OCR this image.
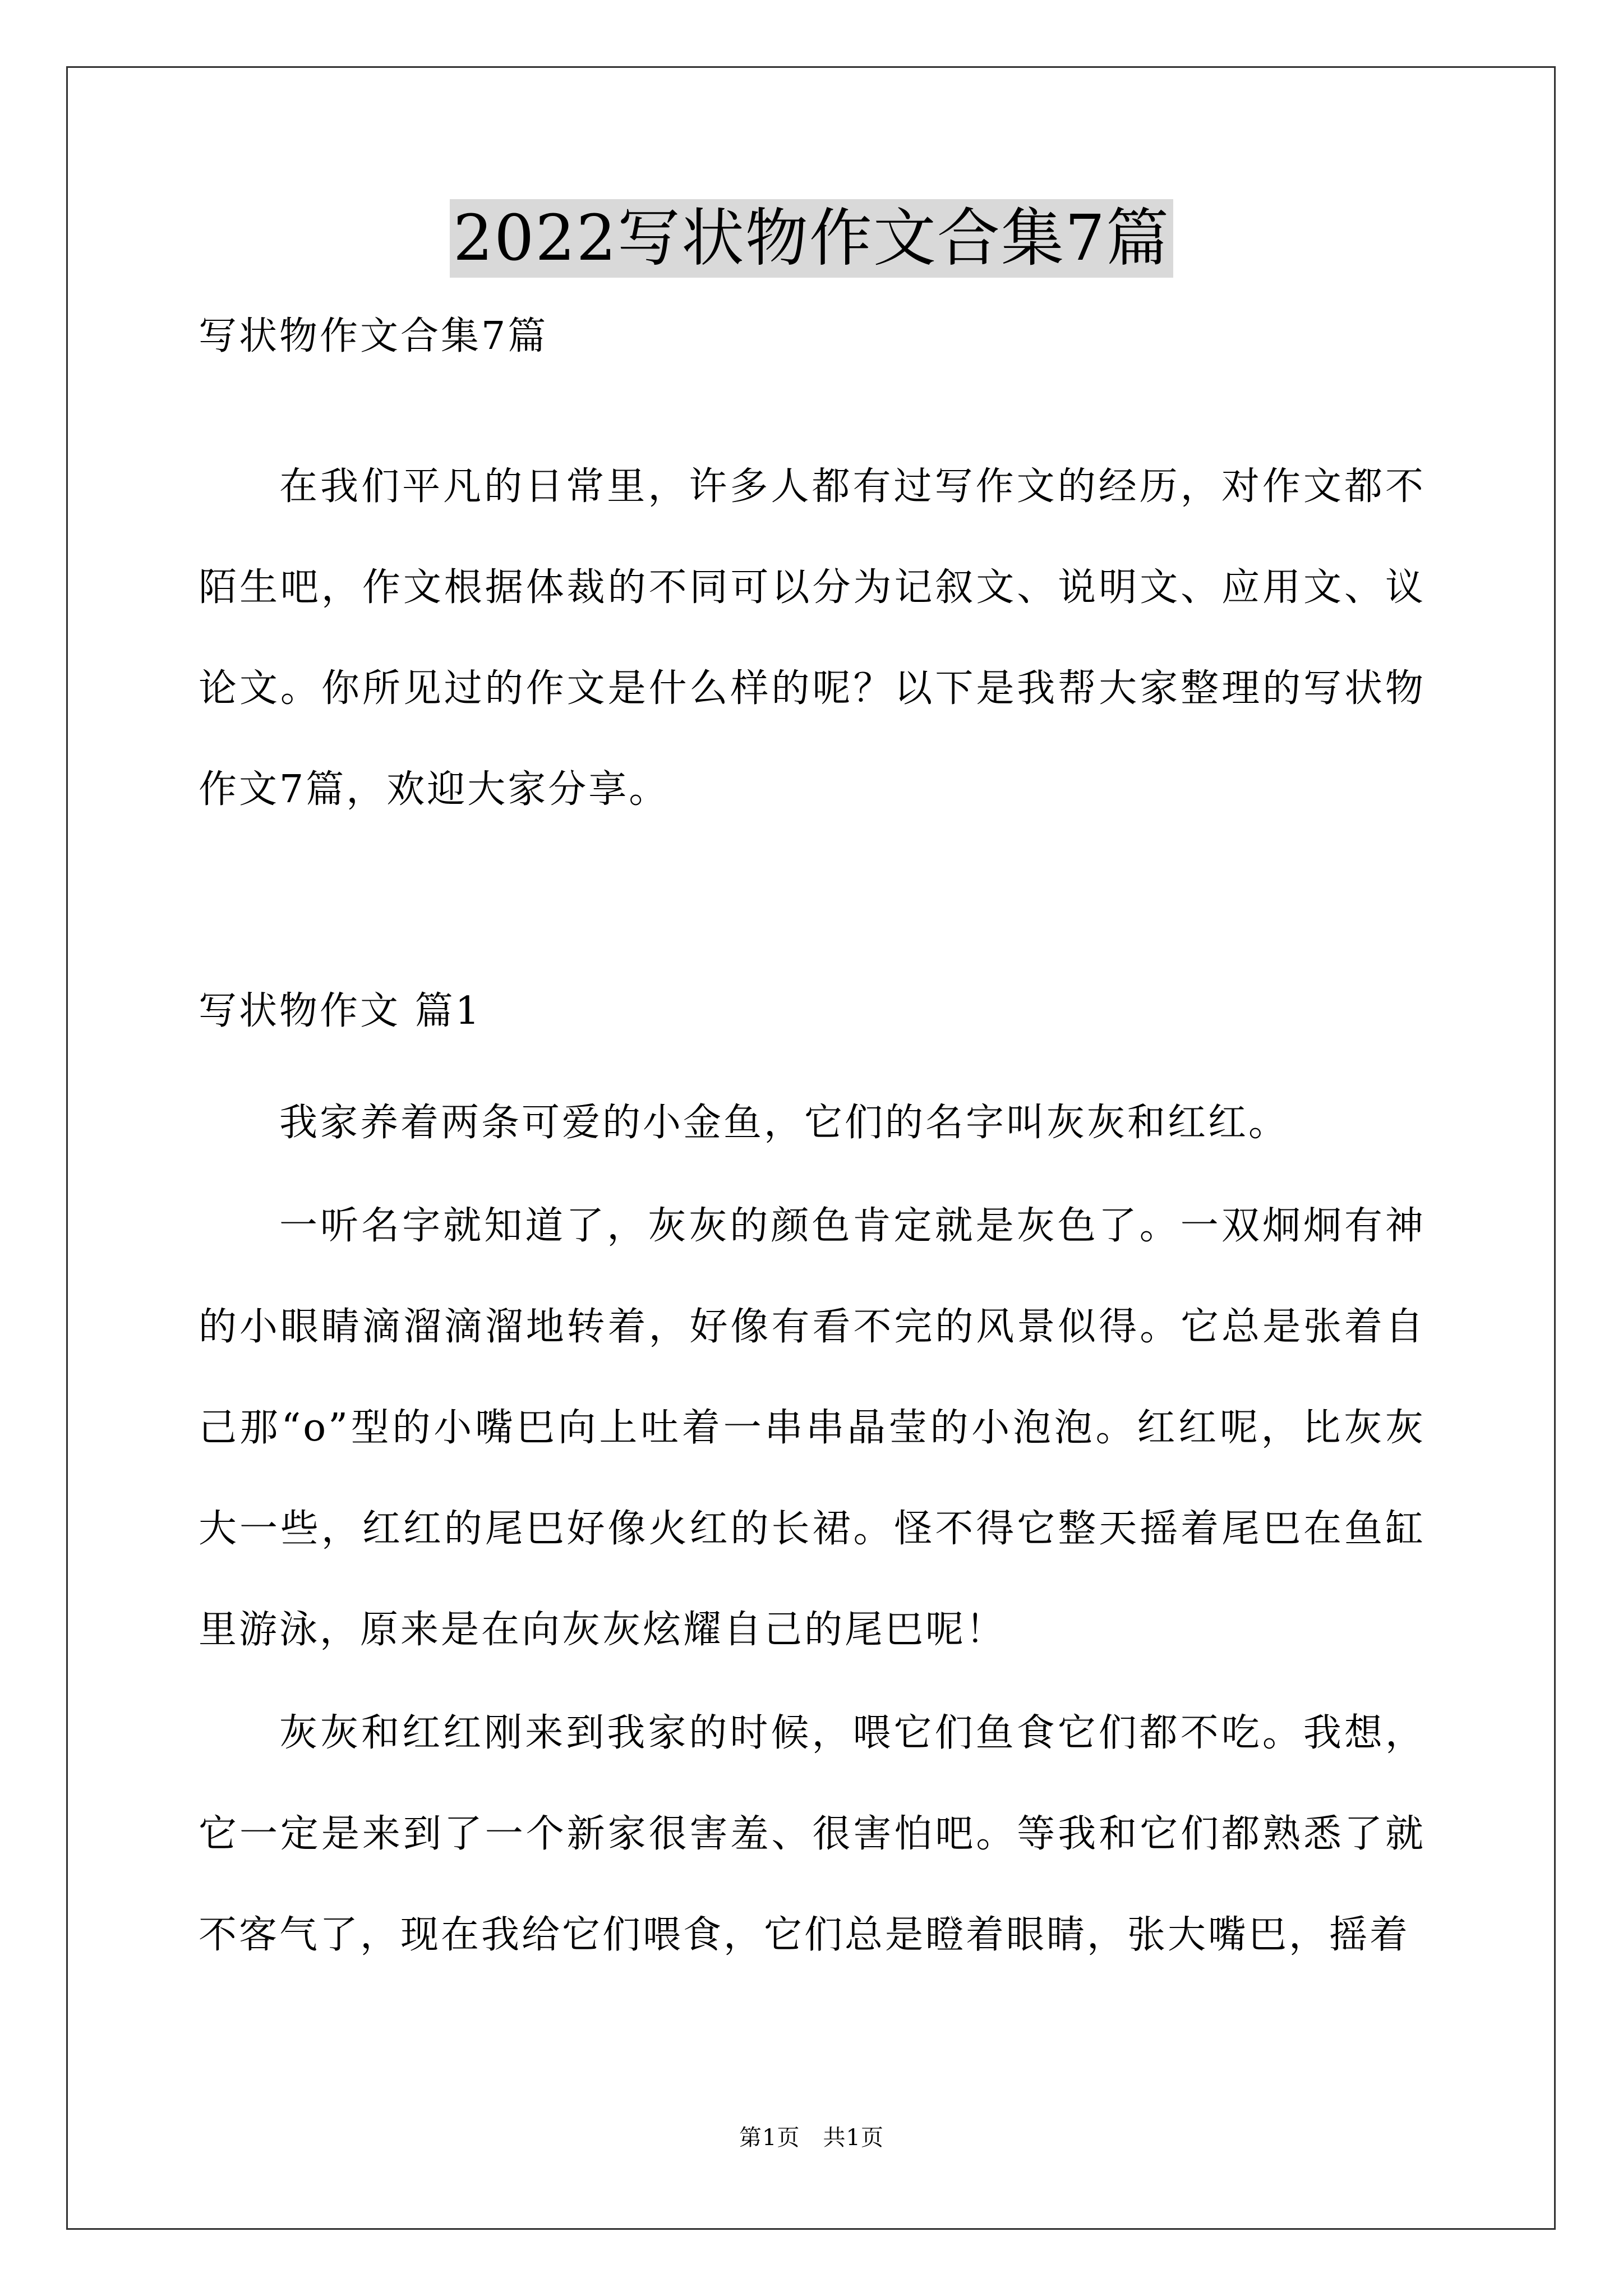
2022写状物作文合集7篇
写状物作文合集7篇

在我们平凡的日常里，许多人都有过写作文的经历，对作文都不陌生吧，作文根据体裁的不同可以分为记叙文、说明文、应用文、议论文。你所见过的作文是什么样的呢？以下是我帮大家整理的写状物作文7篇，欢迎大家分享。

写状物作文 篇1

我家养着两条可爱的小金鱼，它们的名字叫灰灰和红红。

一听名字就知道了，灰灰的颜色肯定就是灰色了。一双炯炯有神的小眼睛滴溜滴溜地转着，好像有看不完的风景似得。它总是张着自己那“o”型的小嘴巴向上吐着一串串晶莹的小泡泡。红红呢，比灰灰大一些，红红的尾巴好像火红的长裙。怪不得它整天摇着尾巴在鱼缸里游泳，原来是在向灰灰炫耀自己的尾巴呢！

灰灰和红红刚来到我家的时候，喂它们鱼食它们都不吃。我想，它一定是来到了一个新家很害羞、很害怕吧。等我和它们都熟悉了就不客气了，现在我给它们喂食，它们总是瞪着眼睛，张大嘴巴，摇着

第1页　共1页
